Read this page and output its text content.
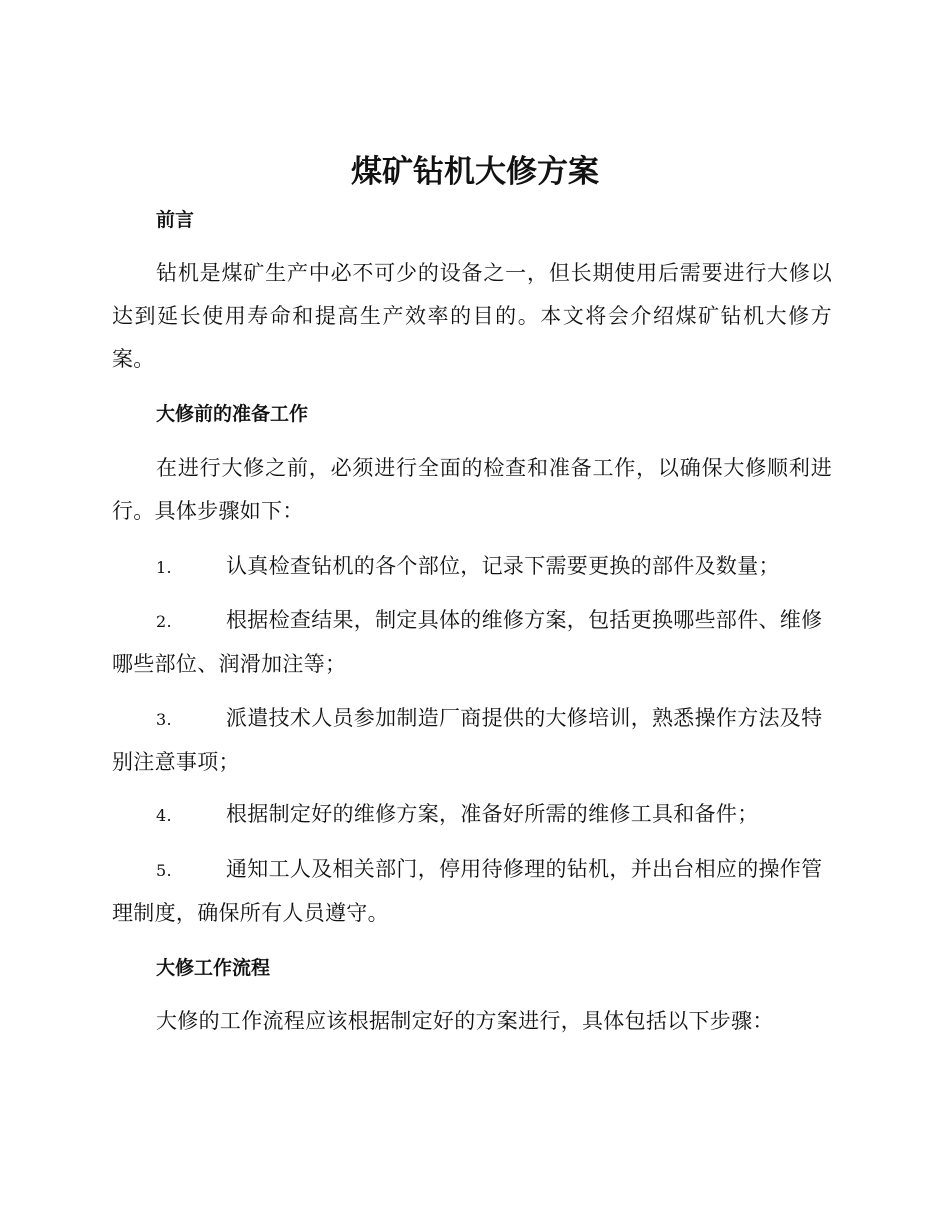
煤矿钻机大修方案
前言
钻机是煤矿生产中必不可少的设备之一，但长期使用后需要进行大修以达到延长使用寿命和提高生产效率的目的。本文将会介绍煤矿钻机大修方案。
大修前的准备工作
在进行大修之前，必须进行全面的检查和准备工作，以确保大修顺利进行。具体步骤如下：
1.	认真检查钻机的各个部位，记录下需要更换的部件及数量；
2.	根据检查结果，制定具体的维修方案，包括更换哪些部件、维修哪些部位、润滑加注等；
3.	派遣技术人员参加制造厂商提供的大修培训，熟悉操作方法及特别注意事项；
4.	根据制定好的维修方案，准备好所需的维修工具和备件；
5.	通知工人及相关部门，停用待修理的钻机，并出台相应的操作管理制度，确保所有人员遵守。
大修工作流程
大修的工作流程应该根据制定好的方案进行，具体包括以下步骤：
